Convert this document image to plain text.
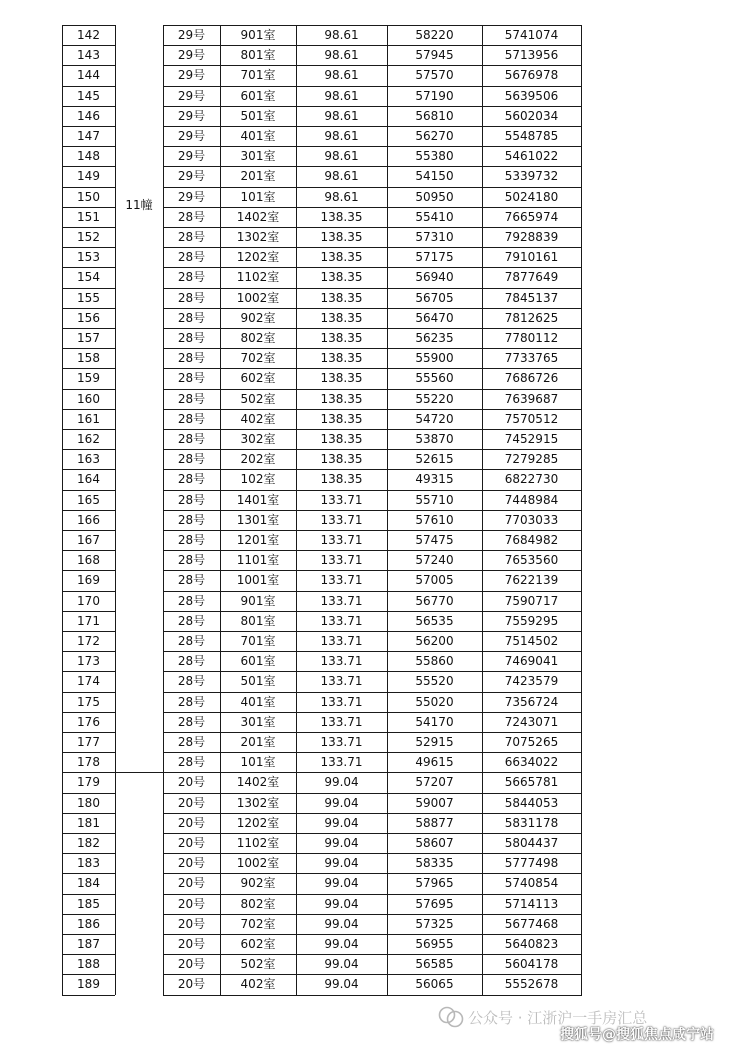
11幢
142	29号	901室	98.61	58220	5741074
143	29号	801室	98.61	57945	5713956
144	29号	701室	98.61	57570	5676978
145	29号	601室	98.61	57190	5639506
146	29号	501室	98.61	56810	5602034
147	29号	401室	98.61	56270	5548785
148	29号	301室	98.61	55380	5461022
149	29号	201室	98.61	54150	5339732
150	29号	101室	98.61	50950	5024180
151	28号	1402室	138.35	55410	7665974
152	28号	1302室	138.35	57310	7928839
153	28号	1202室	138.35	57175	7910161
154	28号	1102室	138.35	56940	7877649
155	28号	1002室	138.35	56705	7845137
156	28号	902室	138.35	56470	7812625
157	28号	802室	138.35	56235	7780112
158	28号	702室	138.35	55900	7733765
159	28号	602室	138.35	55560	7686726
160	28号	502室	138.35	55220	7639687
161	28号	402室	138.35	54720	7570512
162	28号	302室	138.35	53870	7452915
163	28号	202室	138.35	52615	7279285
164	28号	102室	138.35	49315	6822730
165	28号	1401室	133.71	55710	7448984
166	28号	1301室	133.71	57610	7703033
167	28号	1201室	133.71	57475	7684982
168	28号	1101室	133.71	57240	7653560
169	28号	1001室	133.71	57005	7622139
170	28号	901室	133.71	56770	7590717
171	28号	801室	133.71	56535	7559295
172	28号	701室	133.71	56200	7514502
173	28号	601室	133.71	55860	7469041
174	28号	501室	133.71	55520	7423579
175	28号	401室	133.71	55020	7356724
176	28号	301室	133.71	54170	7243071
177	28号	201室	133.71	52915	7075265
178	28号	101室	133.71	49615	6634022
179	20号	1402室	99.04	57207	5665781
180	20号	1302室	99.04	59007	5844053
181	20号	1202室	99.04	58877	5831178
182	20号	1102室	99.04	58607	5804437
183	20号	1002室	99.04	58335	5777498
184	20号	902室	99.04	57965	5740854
185	20号	802室	99.04	57695	5714113
186	20号	702室	99.04	57325	5677468
187	20号	602室	99.04	56955	5640823
188	20号	502室	99.04	56585	5604178
189	20号	402室	99.04	56065	5552678
公众号 · 江浙沪一手房汇总
搜狐号@搜狐焦点咸宁站
